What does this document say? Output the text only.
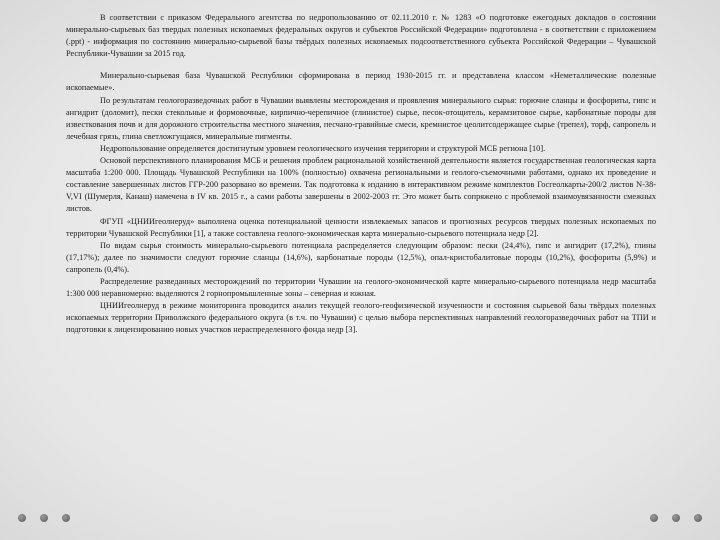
В соответствии с приказом Федерального агентства по недропользованию от 02.11.2010 г. № 1283 «О подготовке ежегодных докладов о состоянии минерально-сырьевых баз твердых полезных ископаемых федеральных округов и субъектов Российской Федерации» подготовлена - в соответствии с приложением (.ppt) - информация по состоянию минерально-сырьевой базы твёрдых полезных ископаемых подсоответственного субъекта Российской Федерации – Чувашской Республики-Чувашии за 2015 год.

Минерально-сырьевая база Чувашской Республики сформирована в период 1930-2015 гг. и представлена классом «Неметаллические полезные ископаемые».

По результатам геологоразведочных работ в Чувашии выявлены месторождения и проявления минерального сырья: горючие сланцы и фосфориты, гипс и ангидрит (доломит), пески стекольные и формовочные, кирпично-черепичное (глинистое) сырье, песок-отощитель, керамзитовое сырье, карбонатные породы для известкования почв и для дорожного строительства местного значения, песчано-гравийные смеси, кремнистое цеолитсодержащее сырье (трепел), торф, сапропель и лечебная грязь, глина светложгущаяся, минеральные пигменты.

Недропользование определяется достигнутым уровнем геологического изучения территории и структурой МСБ региона [10].

Основой перспективного планирования МСБ и решения проблем рациональной хозяйственной деятельности является государственная геологическая карта масштаба 1:200 000. Площадь Чувашской Республики на 100% (полностью) охвачена региональными и геолого-съемочными работами, однако их проведение и составление завершенных листов ГГР-200 разорвано во времени. Так подготовка к изданию в интерактивном режиме комплектов Госгеолкарты-200/2 листов N-38-V,VI (Шумерля, Канаш) намечена в IV кв. 2015 г., а сами работы завершены в 2002-2003 гг. Это может быть сопряжено с проблемой взаимоувязанности смежных листов.

ФГУП «ЦНИИгеолнеруд» выполнена оценка потенциальной ценности извлекаемых запасов и прогнозных ресурсов твердых полезных ископаемых по территории Чувашской Республики [1], а также составлена геолого-экономическая карта минерально-сырьевого потенциала недр [2].

По видам сырья стоимость минерально-сырьевого потенциала распределяется следующим образом: пески (24,4%), гипс и ангидрит (17,2%), глины (17,17%); далее по значимости следуют горючие сланцы (14,6%), карбонатные породы (12,5%), опал-кристобалитовые породы (10,2%), фосфориты (5,9%) и сапропель (0,4%).

Распределение разведанных месторождений по территории Чувашии на геолого-экономической карте минерально-сырьевого потенциала недр масштаба 1:300 000 неравномерно: выделяются 2 горнопромышленные зоны – северная и южная.

ЦНИИгеолнеруд в режиме мониторинга проводится анализ текущей геолого-геофизической изученности и состояния сырьевой базы твёрдых полезных ископаемых территории Приволжского федерального округа (в т.ч. по Чувашии) с целью выбора перспективных направлений геологоразведочных работ на ТПИ и подготовки к лицензированию новых участков нераспределенного фонда недр [3].
